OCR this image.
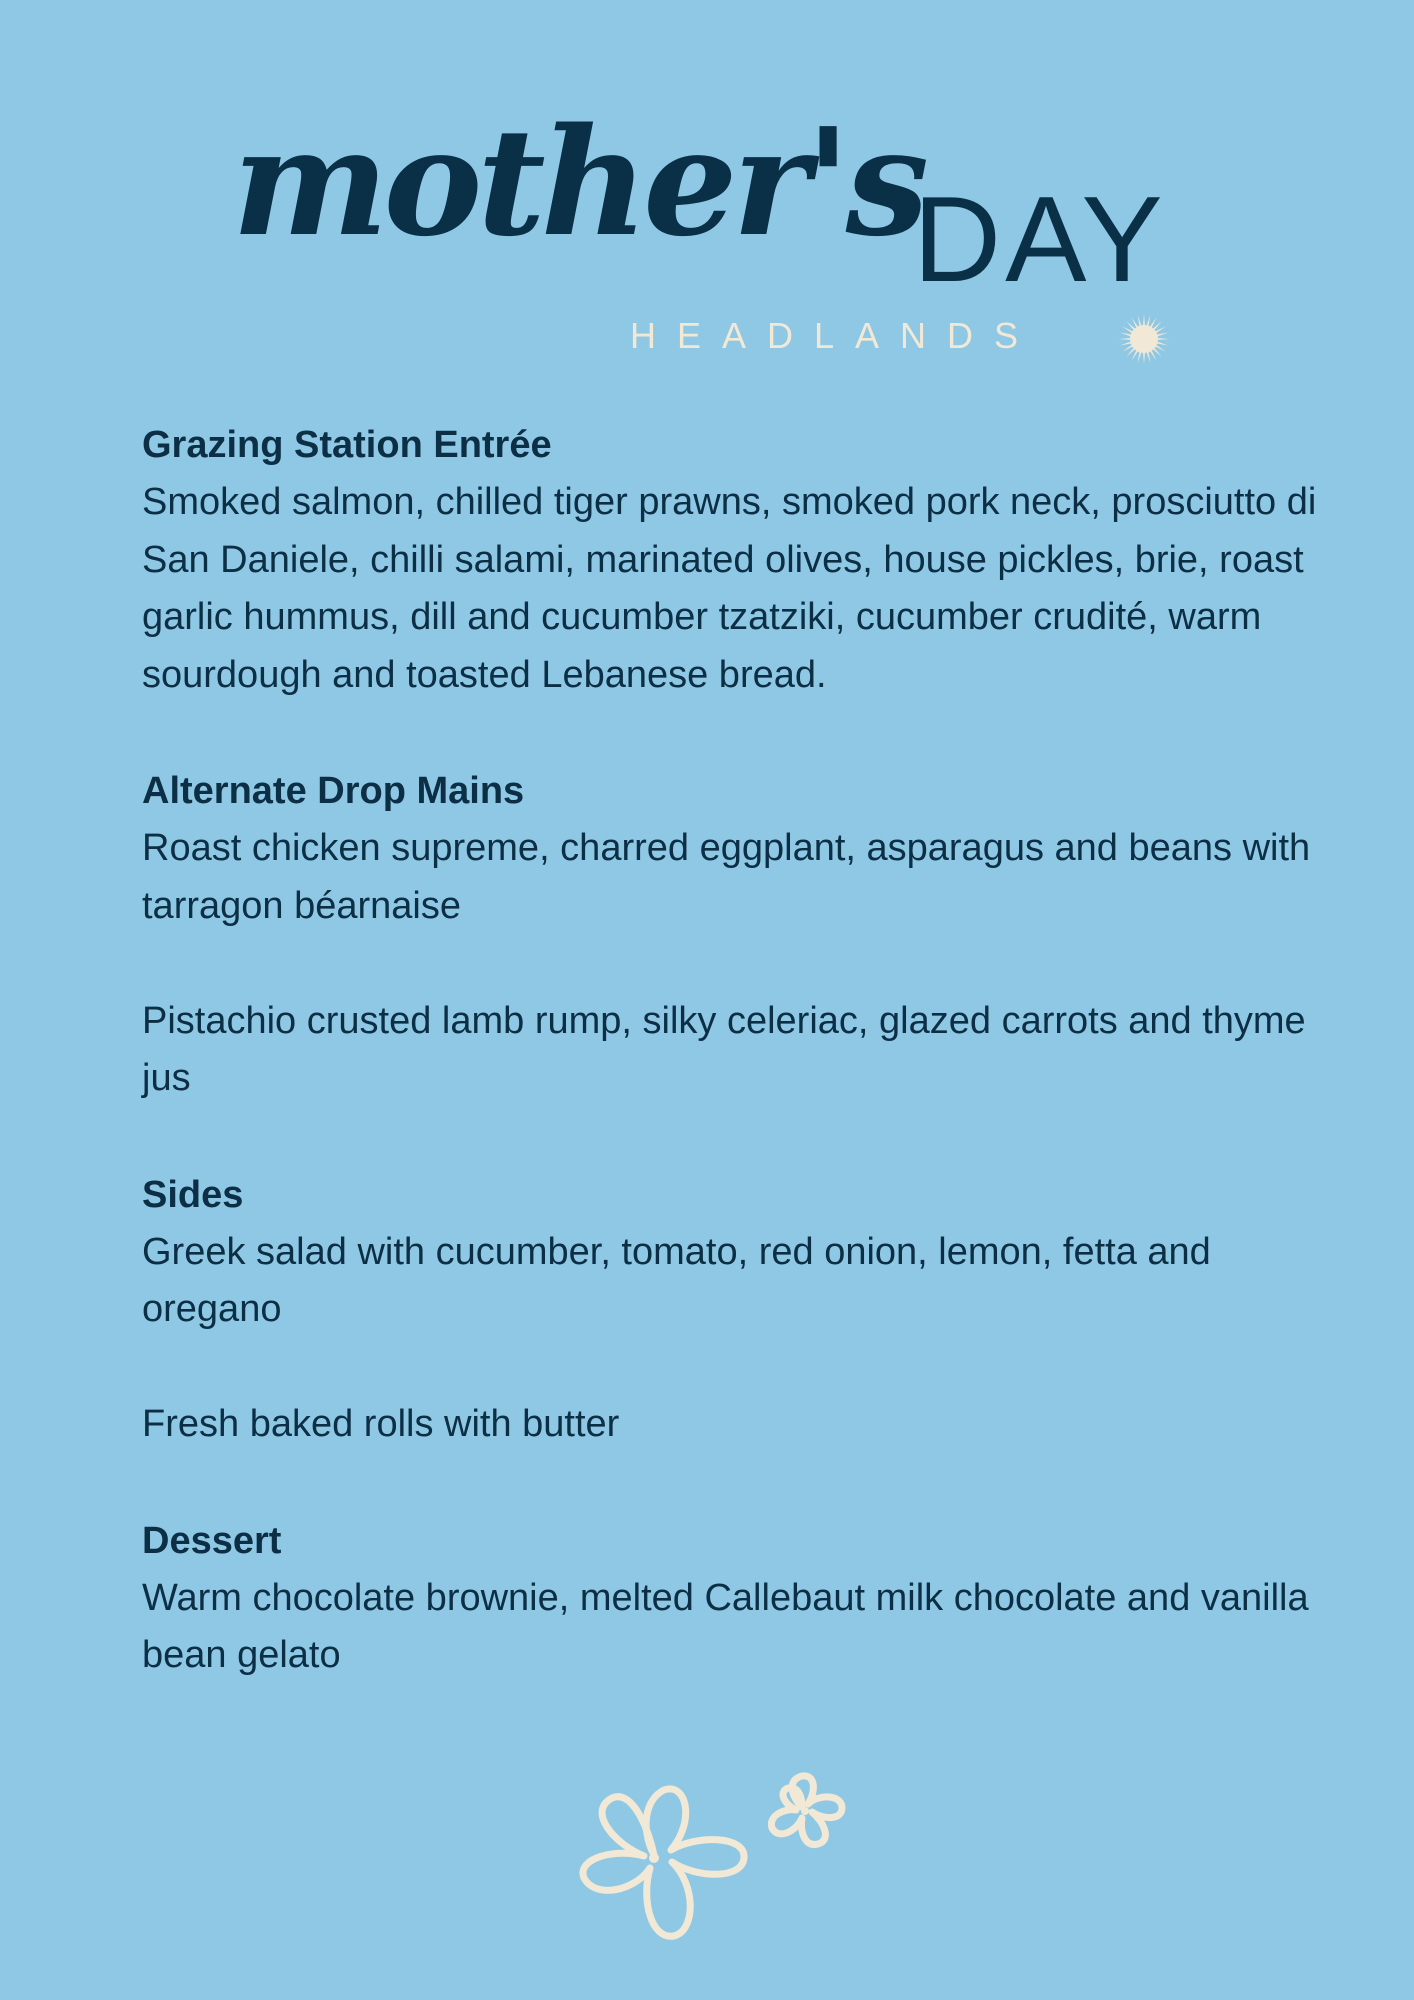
mother's
DAY
HEADLANDS
Grazing Station Entrée

Smoked salmon, chilled tiger prawns, smoked pork neck, prosciutto di San Daniele, chilli salami, marinated olives, house pickles, brie, roast garlic hummus, dill and cucumber tzatziki, cucumber crudité, warm sourdough and toasted Lebanese bread.

Alternate Drop Mains

Roast chicken supreme, charred eggplant, asparagus and beans with tarragon béarnaise

Pistachio crusted lamb rump, silky celeriac, glazed carrots and thyme jus

Sides

Greek salad with cucumber, tomato, red onion, lemon, fetta and oregano

Fresh baked rolls with butter

Dessert

Warm chocolate brownie, melted Callebaut milk chocolate and vanilla bean gelato
